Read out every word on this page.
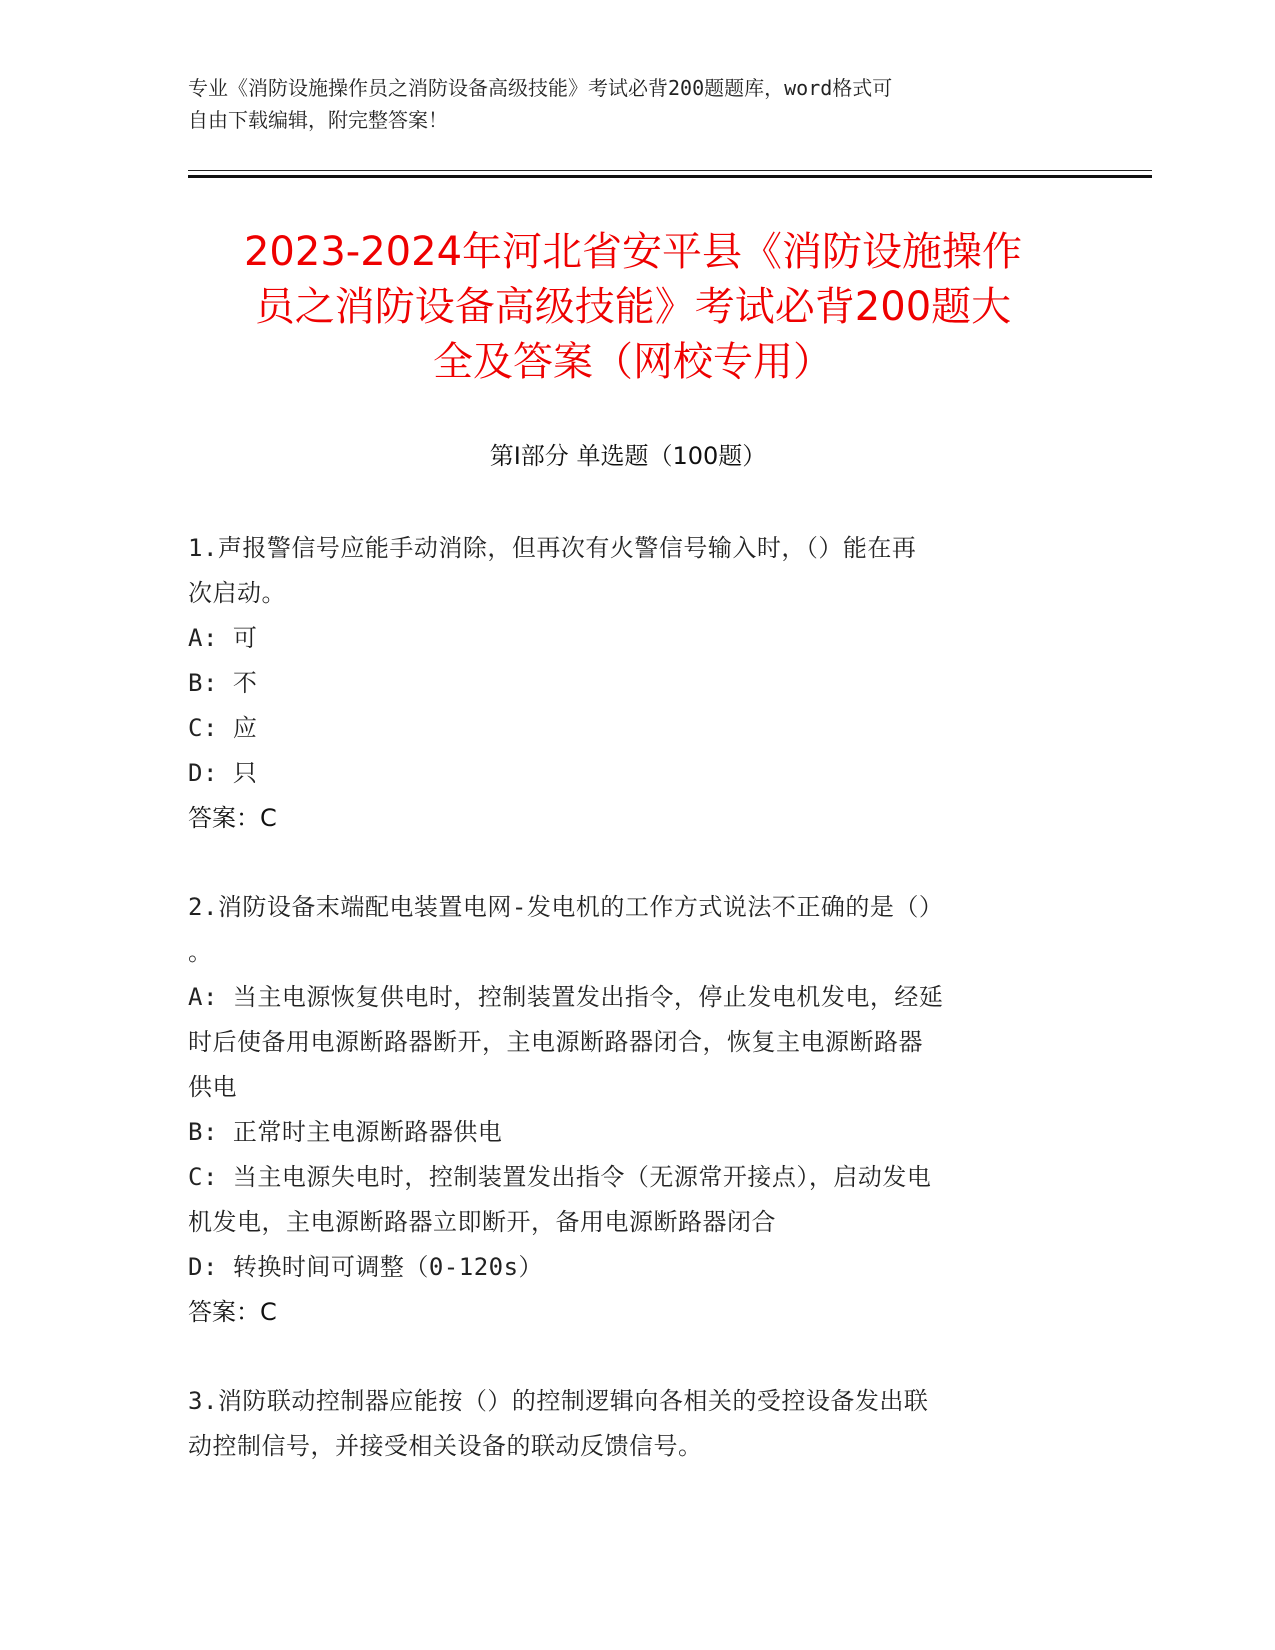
专业《消防设施操作员之消防设备高级技能》考试必背200题题库，word格式可
自由下载编辑，附完整答案！
2023-2024年河北省安平县《消防设施操作
员之消防设备高级技能》考试必背200题大
全及答案（网校专用）
第Ⅰ部分 单选题（100题）

1.声报警信号应能手动消除，但再次有火警信号输入时，（）能在再

次启动。

A: 可

B: 不

C: 应

D: 只

答案：C

2.消防设备末端配电装置电网-发电机的工作方式说法不正确的是（）

。

A: 当主电源恢复供电时，控制装置发出指令，停止发电机发电，经延

时后使备用电源断路器断开，主电源断路器闭合，恢复主电源断路器

供电

B: 正常时主电源断路器供电

C: 当主电源失电时，控制装置发出指令（无源常开接点），启动发电

机发电，主电源断路器立即断开，备用电源断路器闭合

D: 转换时间可调整（0-120s）

答案：C

3.消防联动控制器应能按（）的控制逻辑向各相关的受控设备发出联

动控制信号，并接受相关设备的联动反馈信号。
